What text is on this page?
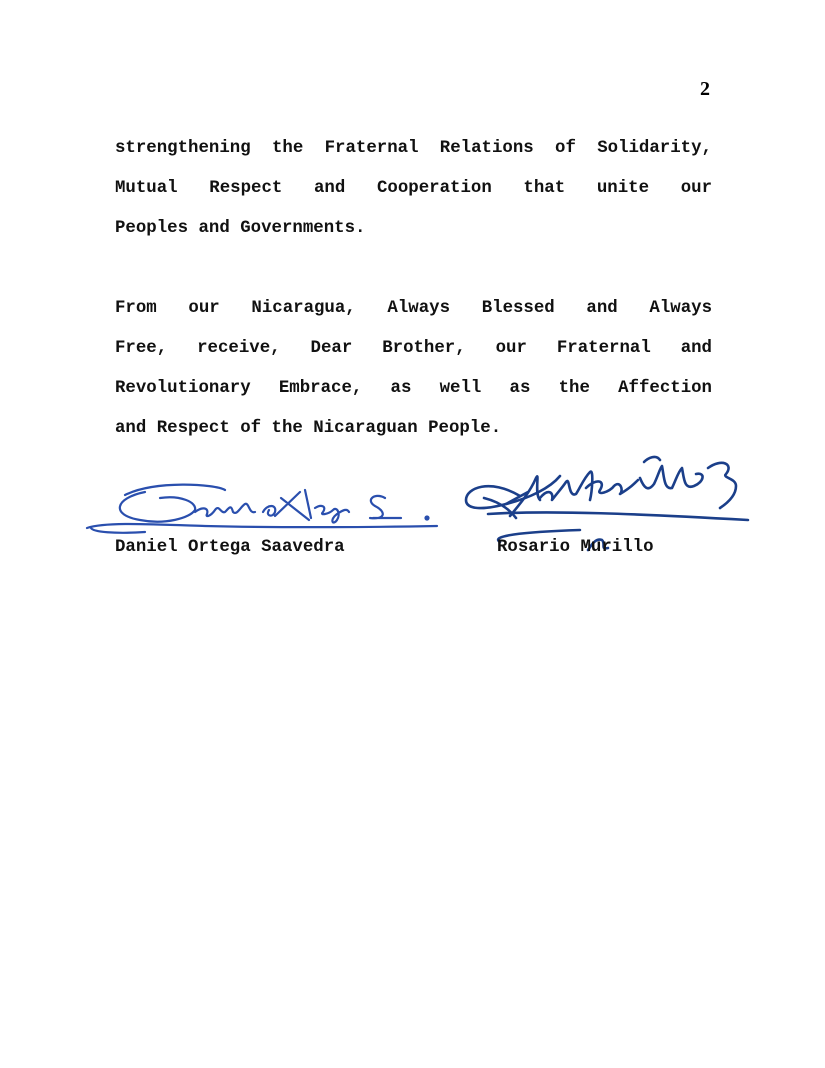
2

strengthening the Fraternal Relations of Solidarity,
Mutual Respect and Cooperation that unite our
Peoples and Governments.

From our Nicaragua, Always Blessed and Always
Free, receive, Dear Brother, our Fraternal and
Revolutionary Embrace, as well as the Affection
and Respect of the Nicaraguan People.

Daniel Ortega Saavedra	Rosario Murillo
